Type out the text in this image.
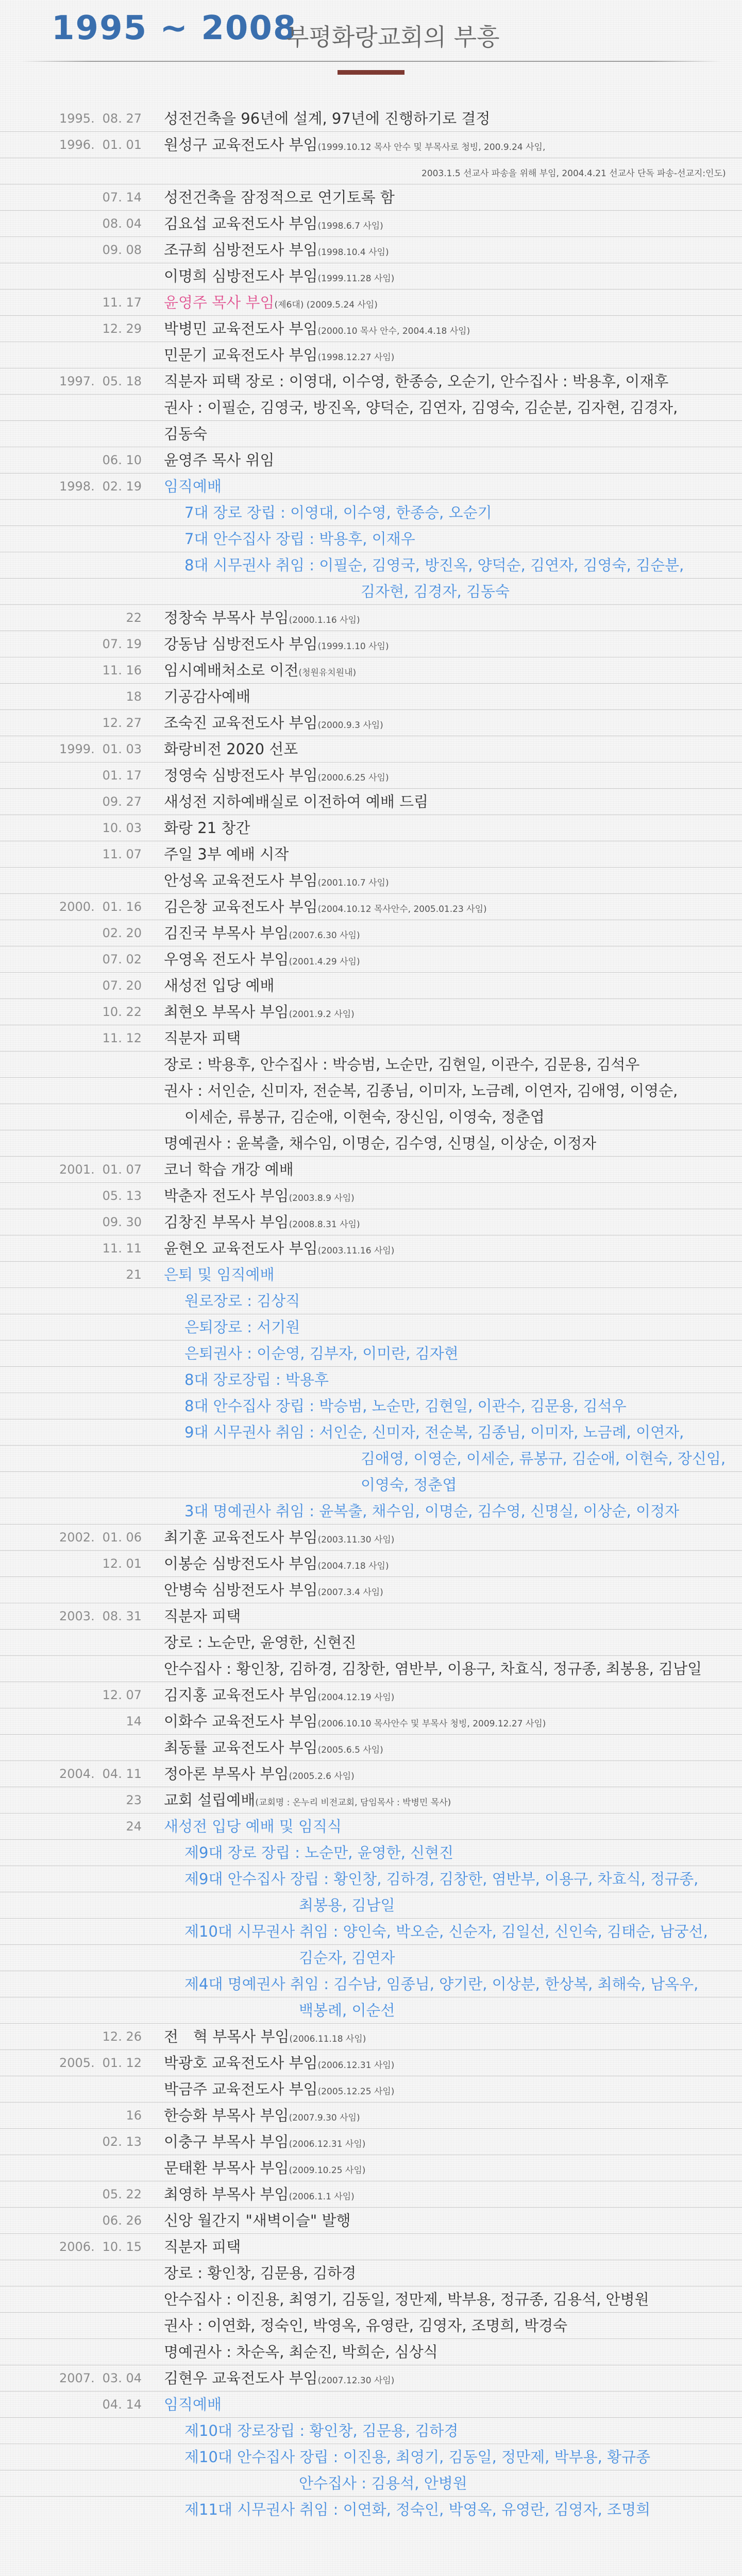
1995 ~ 2008
부평화랑교회의 부흥
1995. 08. 27 성전건축을 96년에 설계, 97년에 진행하기로 결정
1996. 01. 01 원성구 교육전도사 부임(1999.10.12 목사 안수 및 부목사로 청빙, 200.9.24 사임,
2003.1.5 선교사 파송을 위해 부임, 2004.4.21 선교사 단독 파송-선교지:인도)
07. 14 성전건축을 잠정적으로 연기토록 함
08. 04 김요섭 교육전도사 부임(1998.6.7 사임)
09. 08 조규희 심방전도사 부임(1998.10.4 사임)
이명희 심방전도사 부임(1999.11.28 사임)
11. 17 윤영주 목사 부임(제6대) (2009.5.24 사임)
12. 29 박병민 교육전도사 부임(2000.10 목사 안수, 2004.4.18 사임)
민문기 교육전도사 부임(1998.12.27 사임)
1997. 05. 18 직분자 피택 장로 : 이영대, 이수영, 한종승, 오순기, 안수집사 : 박용후, 이재후
권사 : 이필순, 김영국, 방진옥, 양덕순, 김연자, 김영숙, 김순분, 김자현, 김경자,
김동숙
06. 10 윤영주 목사 위임
1998. 02. 19 임직예배
7대 장로 장립 : 이영대, 이수영, 한종승, 오순기
7대 안수집사 장립 : 박용후, 이재우
8대 시무권사 취임 : 이필순, 김영국, 방진옥, 양덕순, 김연자, 김영숙, 김순분,
김자현, 김경자, 김동숙
22 정창숙 부목사 부임(2000.1.16 사임)
07. 19 강동남 심방전도사 부임(1999.1.10 사임)
11. 16 임시예배처소로 이전(청원유치원내)
18 기공감사예배
12. 27 조숙진 교육전도사 부임(2000.9.3 사임)
1999. 01. 03 화랑비전 2020 선포
01. 17 정영숙 심방전도사 부임(2000.6.25 사임)
09. 27 새성전 지하예배실로 이전하여 예배 드림
10. 03 화랑 21 창간
11. 07 주일 3부 예배 시작
안성옥 교육전도사 부임(2001.10.7 사임)
2000. 01. 16 김은창 교육전도사 부임(2004.10.12 목사안수, 2005.01.23 사임)
02. 20 김진국 부목사 부임(2007.6.30 사임)
07. 02 우영옥 전도사 부임(2001.4.29 사임)
07. 20 새성전 입당 예배
10. 22 최현오 부목사 부임(2001.9.2 사임)
11. 12 직분자 피택
장로 : 박용후, 안수집사 : 박승범, 노순만, 김현일, 이관수, 김문용, 김석우
권사 : 서인순, 신미자, 전순복, 김종님, 이미자, 노금례, 이연자, 김애영, 이영순,
이세순, 류봉규, 김순애, 이현숙, 장신임, 이영숙, 정춘엽
명예권사 : 윤복출, 채수임, 이명순, 김수영, 신명실, 이상순, 이정자
2001. 01. 07 코너 학습 개강 예배
05. 13 박춘자 전도사 부임(2003.8.9 사임)
09. 30 김창진 부목사 부임(2008.8.31 사임)
11. 11 윤현오 교육전도사 부임(2003.11.16 사임)
21 은퇴 및 임직예배
원로장로 : 김상직
은퇴장로 : 서기원
은퇴권사 : 이순영, 김부자, 이미란, 김자현
8대 장로장립 : 박용후
8대 안수집사 장립 : 박승범, 노순만, 김현일, 이관수, 김문용, 김석우
9대 시무권사 취임 : 서인순, 신미자, 전순복, 김종님, 이미자, 노금례, 이연자,
김애영, 이영순, 이세순, 류봉규, 김순애, 이현숙, 장신임,
이영숙, 정춘엽
3대 명예권사 취임 : 윤복출, 채수임, 이명순, 김수영, 신명실, 이상순, 이정자
2002. 01. 06 최기훈 교육전도사 부임(2003.11.30 사임)
12. 01 이봉순 심방전도사 부임(2004.7.18 사임)
안병숙 심방전도사 부임(2007.3.4 사임)
2003. 08. 31 직분자 피택
장로 : 노순만, 윤영한, 신현진
안수집사 : 황인창, 김하경, 김창한, 염반부, 이용구, 차효식, 정규종, 최봉용, 김남일
12. 07 김지홍 교육전도사 부임(2004.12.19 사임)
14 이화수 교육전도사 부임(2006.10.10 목사안수 및 부목사 청빙, 2009.12.27 사임)
최동률 교육전도사 부임(2005.6.5 사임)
2004. 04. 11 정아론 부목사 부임(2005.2.6 사임)
23 교회 설립예배(교회명 : 온누리 비전교회, 담임목사 : 박병민 목사)
24 새성전 입당 예배 및 임직식
제9대 장로 장립 : 노순만, 윤영한, 신현진
제9대 안수집사 장립 : 황인창, 김하경, 김창한, 염반부, 이용구, 차효식, 정규종,
최봉용, 김남일
제10대 시무권사 취임 : 양인숙, 박오순, 신순자, 김일선, 신인숙, 김태순, 남궁선,
김순자, 김연자
제4대 명예권사 취임 : 김수남, 임종님, 양기란, 이상분, 한상복, 최해숙, 남옥우,
백봉례, 이순선
12. 26 전　혁 부목사 부임(2006.11.18 사임)
2005. 01. 12 박광호 교육전도사 부임(2006.12.31 사임)
박금주 교육전도사 부임(2005.12.25 사임)
16 한승화 부목사 부임(2007.9.30 사임)
02. 13 이충구 부목사 부임(2006.12.31 사임)
문태환 부목사 부임(2009.10.25 사임)
05. 22 최영하 부목사 부임(2006.1.1 사임)
06. 26 신앙 월간지 "새벽이슬" 발행
2006. 10. 15 직분자 피택
장로 : 황인창, 김문용, 김하경
안수집사 : 이진용, 최영기, 김동일, 정만제, 박부용, 정규종, 김용석, 안병원
권사 : 이연화, 정숙인, 박영옥, 유영란, 김영자, 조명희, 박경숙
명예권사 : 차순옥, 최순진, 박희순, 심상식
2007. 03. 04 김현우 교육전도사 부임(2007.12.30 사임)
04. 14 임직예배
제10대 장로장립 : 황인창, 김문용, 김하경
제10대 안수집사 장립 : 이진용, 최영기, 김동일, 정만제, 박부용, 황규종
안수집사 : 김용석, 안병원
제11대 시무권사 취임 : 이연화, 정숙인, 박영옥, 유영란, 김영자, 조명희
